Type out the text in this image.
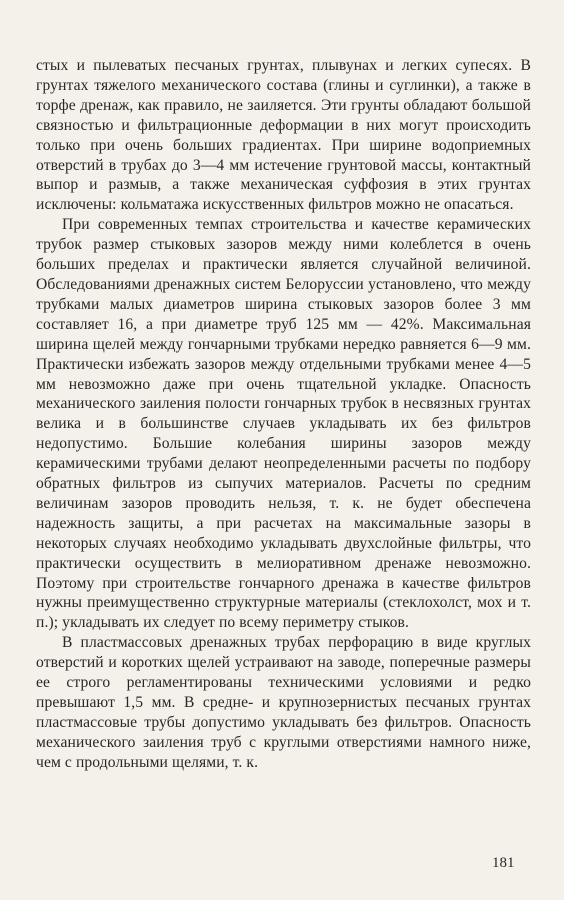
стых и пылеватых песчаных грунтах, плывунах и легких супесях. В грунтах тяжелого механического состава (глины и суглинки), а также в торфе дренаж, как правило, не заиляется. Эти грунты обладают большой связностью и фильтрационные деформации в них могут происходить только при очень больших градиентах. При ширине водоприемных отверстий в трубах до 3—4 мм истечение грунтовой массы, контактный выпор и размыв, а также механическая суффозия в этих грунтах исключены: кольматажа искусственных фильтров можно не опасаться.

При современных темпах строительства и качестве керамических трубок размер стыковых зазоров между ними колеблется в очень больших пределах и практически является случайной величиной. Обследованиями дренажных систем Белоруссии установлено, что между трубками малых диаметров ширина стыковых зазоров более 3 мм составляет 16, а при диаметре труб 125 мм — 42%. Максимальная ширина щелей между гончарными трубками нередко равняется 6—9 мм. Практически избежать зазоров между отдельными трубками менее 4—5 мм невозможно даже при очень тщательной укладке. Опасность механического заиления полости гончарных трубок в несвязных грунтах велика и в большинстве случаев укладывать их без фильтров недопустимо. Большие колебания ширины зазоров между керамическими трубами делают неопределенными расчеты по подбору обратных фильтров из сыпучих материалов. Расчеты по средним величинам зазоров проводить нельзя, т. к. не будет обеспечена надежность защиты, а при расчетах на максимальные зазоры в некоторых случаях необходимо укладывать двухслойные фильтры, что практически осуществить в мелиоративном дренаже невозможно. Поэтому при строительстве гончарного дренажа в качестве фильтров нужны преимущественно структурные материалы (стеклохолст, мох и т. п.); укладывать их следует по всему периметру стыков.

В пластмассовых дренажных трубах перфорацию в виде круглых отверстий и коротких щелей устраивают на заводе, поперечные размеры ее строго регламентированы техническими условиями и редко превышают 1,5 мм. В средне- и крупнозернистых песчаных грунтах пластмассовые трубы допустимо укладывать без фильтров. Опасность механического заиления труб с круглыми отверстиями намного ниже, чем с продольными щелями, т. к.

181
